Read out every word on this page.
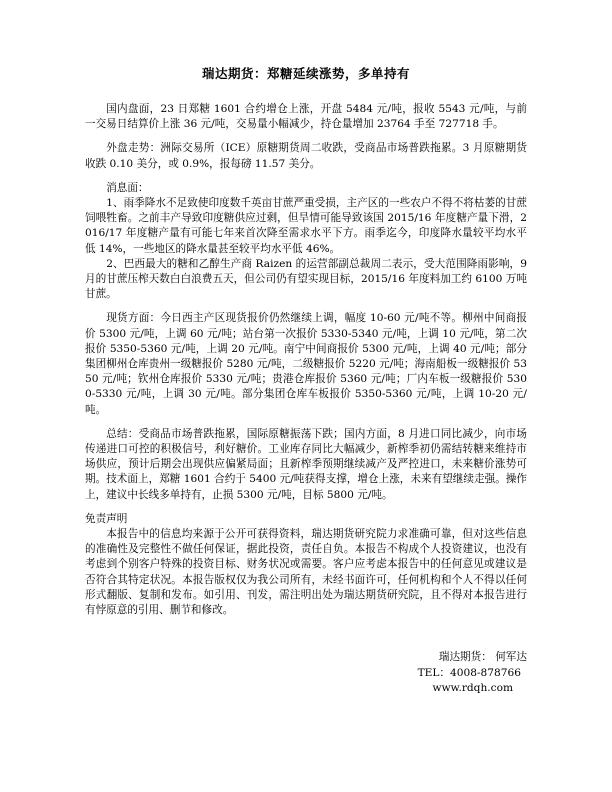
瑞达期货：郑糖延续涨势，多单持有

国内盘面，23 日郑糖 1601 合约增仓上涨，开盘 5484 元/吨，报收 5543 元/吨，与前一交易日结算价上涨 36 元/吨，交易量小幅减少，持仓量增加 23764 手至 727718 手。

外盘走势：洲际交易所（ICE）原糖期货周二收跌，受商品市场普跌拖累。3 月原糖期货收跌 0.10 美分，或 0.9%，报每磅 11.57 美分。

消息面：

1、雨季降水不足致使印度数千英亩甘蔗严重受损，主产区的一些农户不得不将枯萎的甘蔗饲喂牲畜。之前丰产导致印度糖供应过剩，但旱情可能导致该国 2015/16 年度糖产量下滑，2016/17 年度糖产量有可能七年来首次降至需求水平下方。雨季迄今，印度降水量较平均水平低 14%，一些地区的降水量甚至较平均水平低 46%。

2、巴西最大的糖和乙醇生产商 Raizen 的运营部副总裁周二表示，受大范围降雨影响，9 月的甘蔗压榨天数白白浪费五天，但公司仍有望实现目标，2015/16 年度料加工约 6100 万吨甘蔗。

现货方面：今日西主产区现货报价仍然继续上调，幅度 10-60 元/吨不等。柳州中间商报价 5300 元/吨，上调 60 元/吨；站台第一次报价 5330-5340 元/吨，上调 10 元/吨，第二次报价 5350-5360 元/吨，上调 20 元/吨。南宁中间商报价 5300 元/吨，上调 40 元/吨；部分集团柳州仓库贵州一级糖报价 5280 元/吨，二级糖报价 5220 元/吨；海南船板一级糖报价 5350 元/吨；钦州仓库报价 5330 元/吨；贵港仓库报价 5360 元/吨；厂内车板一级糖报价 5300-5330 元/吨，上调 30 元/吨。部分集团仓库车板报价 5350-5360 元/吨，上调 10-20 元/吨。

总结：受商品市场普跌拖累，国际原糖振荡下跌；国内方面，8 月进口同比减少，向市场传递进口可控的积极信号，利好糖价。工业库存同比大幅减少，新榨季初仍需结转糖来维持市场供应，预计后期会出现供应偏紧局面；且新榨季预期继续减产及严控进口，未来糖价涨势可期。技术面上，郑糖 1601 合约于 5400 元/吨获得支撑，增仓上涨，未来有望继续走强。操作上，建议中长线多单持有，止损 5300 元/吨，目标 5800 元/吨。

免责声明

本报告中的信息均来源于公开可获得资料，瑞达期货研究院力求准确可靠，但对这些信息的准确性及完整性不做任何保证，据此投资，责任自负。本报告不构成个人投资建议，也没有考虑到个别客户特殊的投资目标、财务状况或需要。客户应考虑本报告中的任何意见或建议是否符合其特定状况。本报告版权仅为我公司所有，未经书面许可，任何机构和个人不得以任何形式翻版、复制和发布。如引用、刊发，需注明出处为瑞达期货研究院，且不得对本报告进行有悖原意的引用、删节和修改。

瑞达期货： 何军达
TEL：4008-878766
www.rdqh.com
